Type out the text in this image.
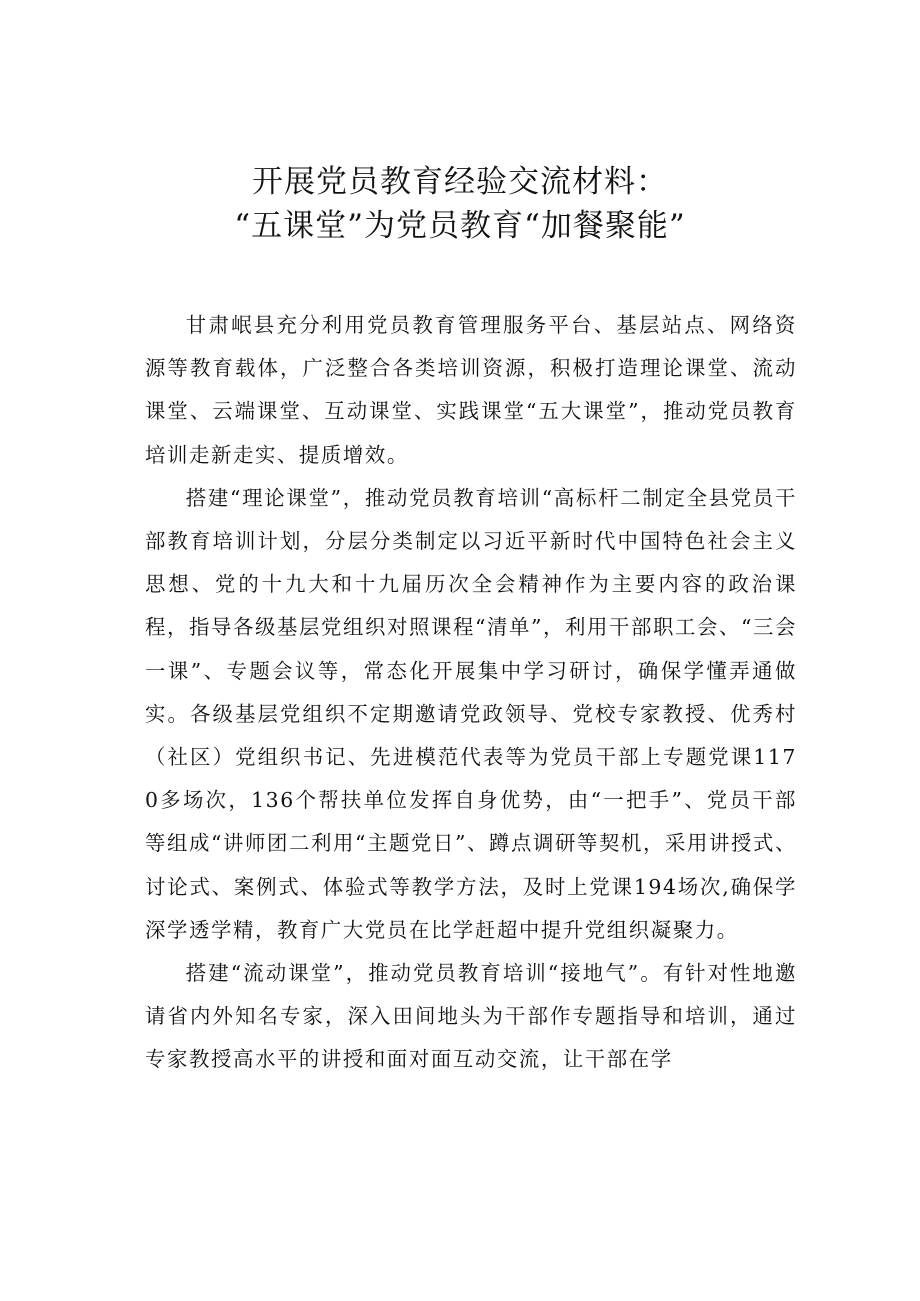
开展党员教育经验交流材料：
“五课堂”为党员教育“加餐聚能”

甘肃岷县充分利用党员教育管理服务平台、基层站点、网络资源等教育载体，广泛整合各类培训资源，积极打造理论课堂、流动课堂、云端课堂、互动课堂、实践课堂“五大课堂”，推动党员教育培训走新走实、提质增效。

搭建“理论课堂”，推动党员教育培训“高标杆二制定全县党员干部教育培训计划，分层分类制定以习近平新时代中国特色社会主义思想、党的十九大和十九届历次全会精神作为主要内容的政治课程，指导各级基层党组织对照课程“清单”，利用干部职工会、“三会一课”、专题会议等，常态化开展集中学习研讨，确保学懂弄通做实。各级基层党组织不定期邀请党政领导、党校专家教授、优秀村（社区）党组织书记、先进模范代表等为党员干部上专题党课1170多场次，136个帮扶单位发挥自身优势，由“一把手”、党员干部等组成“讲师团二利用“主题党日”、蹲点调研等契机，采用讲授式、讨论式、案例式、体验式等教学方法，及时上党课194场次,确保学深学透学精，教育广大党员在比学赶超中提升党组织凝聚力。

搭建“流动课堂”，推动党员教育培训“接地气”。有针对性地邀请省内外知名专家，深入田间地头为干部作专题指导和培训，通过专家教授高水平的讲授和面对面互动交流，让干部在学
